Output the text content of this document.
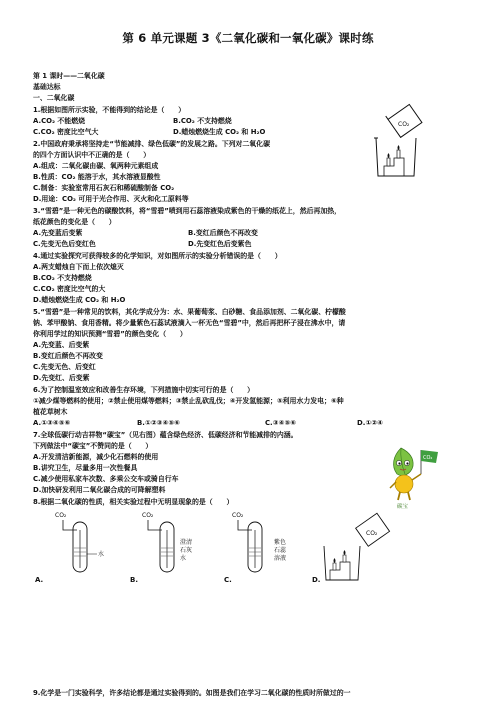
第 6 单元课题 3《二氧化碳和一氧化碳》课时练
第 1 课时——二氧化碳
基础达标
一、二氧化碳
1.根据如图所示实验，不能得到的结论是（　　）
A.CO₂ 不能燃烧	B.CO₂ 不支持燃烧
C.CO₂ 密度比空气大	D.蜡烛燃烧生成 CO₂ 和 H₂O
CO₂
2.中国政府秉承将坚持走“节能减排、绿色低碳”的发展之路。下列对二氧化碳
的四个方面认识中不正确的是（　　）
A.组成：二氧化碳由碳、氧两种元素组成
B.性质：CO₂ 能溶于水，其水溶液显酸性
C.制备：实验室常用石灰石和稀硫酸制备 CO₂
D.用途：CO₂ 可用于光合作用、灭火和化工原料等
3.“雪碧”是一种无色的碳酸饮料，将“雪碧”喷到用石蕊溶液染成紫色的干燥的纸花上，然后再加热，
纸花颜色的变化是（　　）
A.先变蓝后变紫	B.变红后颜色不再改变
C.先变无色后变红色	D.先变红色后变紫色
4.通过实验探究可获得较多的化学知识，对如图所示的实验分析错误的是（　　）
A.两支蜡烛自下而上依次熄灭
B.CO₂ 不支持燃烧
C.CO₂ 密度比空气的大
D.蜡烛燃烧生成 CO₂ 和 H₂O
5.“雪碧”是一种常见的饮料，其化学成分为：水、果葡萄浆、白砂糖、食品添加剂、二氧化碳、柠檬酸
钠、苯甲酸钠、食用香精。将少量紫色石蕊试液滴入一杯无色“雪碧”中，然后再把杯子浸在沸水中，请
你利用学过的知识预测“雪碧”的颜色变化（　　）
A.先变蓝、后变紫
B.变红后颜色不再改变
C.先变无色、后变红
D.先变红、后变紫
6.为了控制温室效应和改善生存环境，下列措施中切实可行的是（　　）
①减少煤等燃料的使用；②禁止使用煤等燃料；③禁止乱砍乱伐；④开发氢能源；⑤利用水力发电；⑥种
植花草树木
A.①③④⑤⑥	B.①②③④⑤⑥	C.③④⑤⑥	D.①②④
7.全球低碳行动吉祥物“碳宝”（见右图）蕴含绿色经济、低碳经济和节能减排的内涵。
下列做法中“碳宝”不赞同的是（　　）
A.开发清洁新能源，减少化石燃料的使用
B.讲究卫生，尽量多用一次性餐具
C.减少使用私家车次数、多乘公交车或骑自行车
D.加快研发利用二氧化碳合成的可降解塑料
CO₂
碳宝
8.根据二氧化碳的性质，相关实验过程中无明显现象的是（　　）
CO₂
水
A.
CO₂
澄清
石灰
水
B.
CO₂
紫色
石蕊
溶液
C.	D.
CO₂
9.化学是一门实验科学，许多结论都是通过实验得到的。如图是我们在学习二氧化碳的性质时所做过的一
